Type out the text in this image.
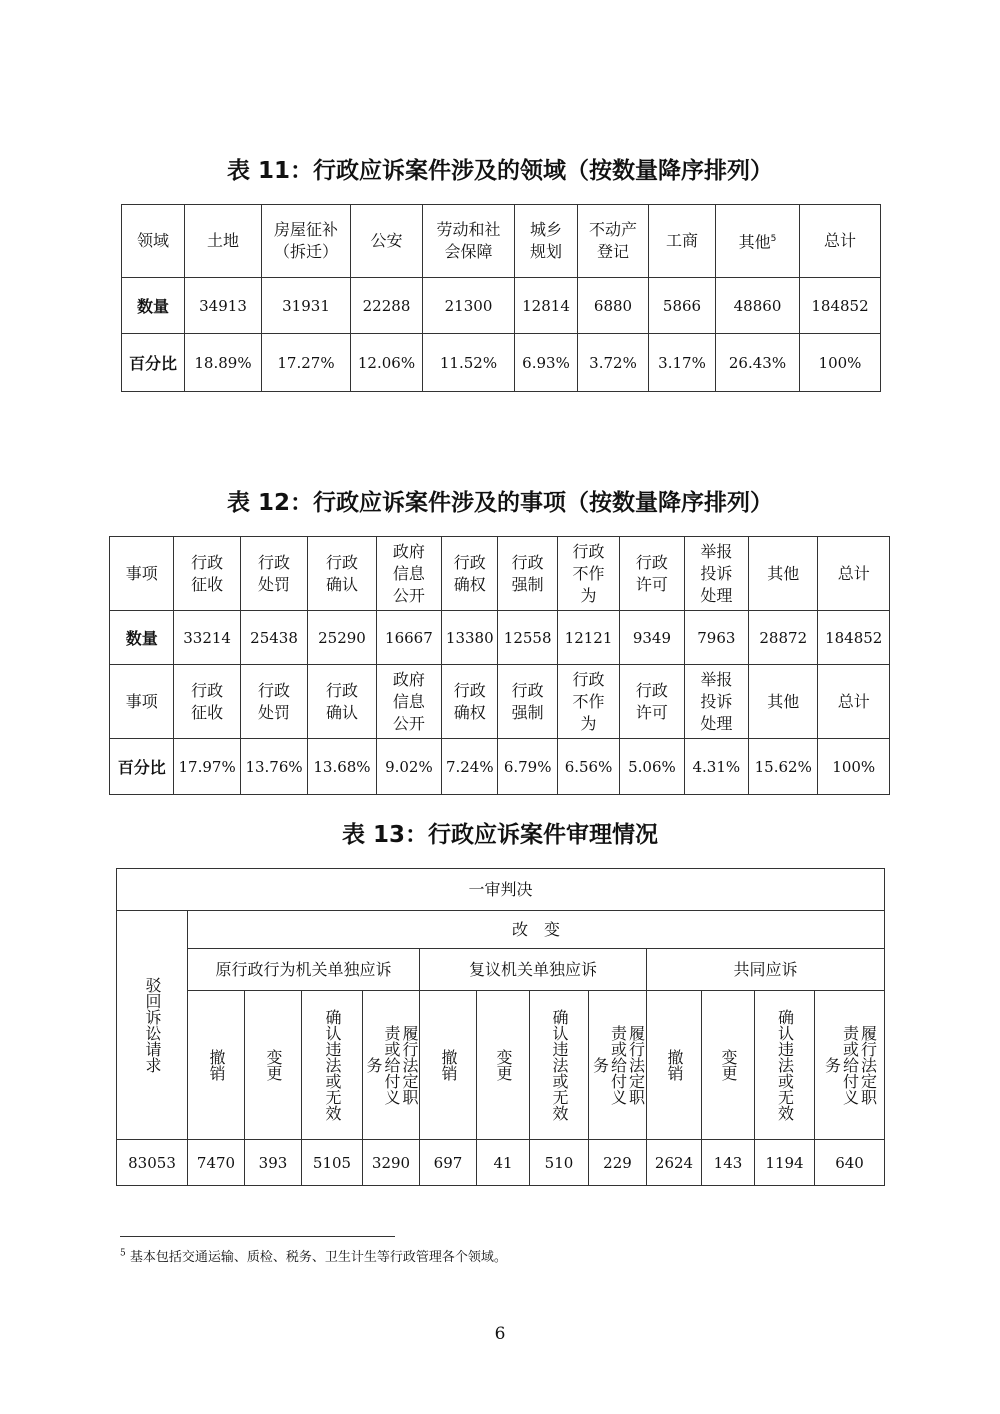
表 11：行政应诉案件涉及的领域（按数量降序排列）
领域	土地	房屋征补（拆迁）	公安	劳动和社会保障	城乡规划	不动产登记	工商	其他$^5$	总计
数量	34913	31931	22288	21300	12814	6880	5866	48860	184852
百分比	18.89%	17.27%	12.06%	11.52%	6.93%	3.72%	3.17%	26.43%	100%
表 12：行政应诉案件涉及的事项（按数量降序排列）
事项	行政征收	行政处罚	行政确认	政府信息公开	行政确权	行政强制	行政不作为	行政许可	举报投诉处理	其他	总计
数量	33214	25438	25290	16667	13380	12558	12121	9349	7963	28872	184852
事项	行政征收	行政处罚	行政确认	政府信息公开	行政确权	行政强制	行政不作为	行政许可	举报投诉处理	其他	总计
百分比	17.97%	13.76%	13.68%	9.02%	7.24%	6.79%	6.56%	5.06%	4.31%	15.62%	100%
表 13：行政应诉案件审理情况
一审判决												

驳回诉讼请求	改　变											
	原行政行为机关单独应诉				复议机关单独应诉				共同应诉			

	撤销	变更	确认违法或无效	履行法定职责或给付义务	撤销	变更	确认违法或无效	履行法定职责或给付义务	撤销	变更	确认违法或无效	履行法定职责或给付义务

83053	7470	393	5105	3290	697	41	510	229	2624	143	1194	640
$^5$ 基本包括交通运输、质检、税务、卫生计生等行政管理各个领域。
6
